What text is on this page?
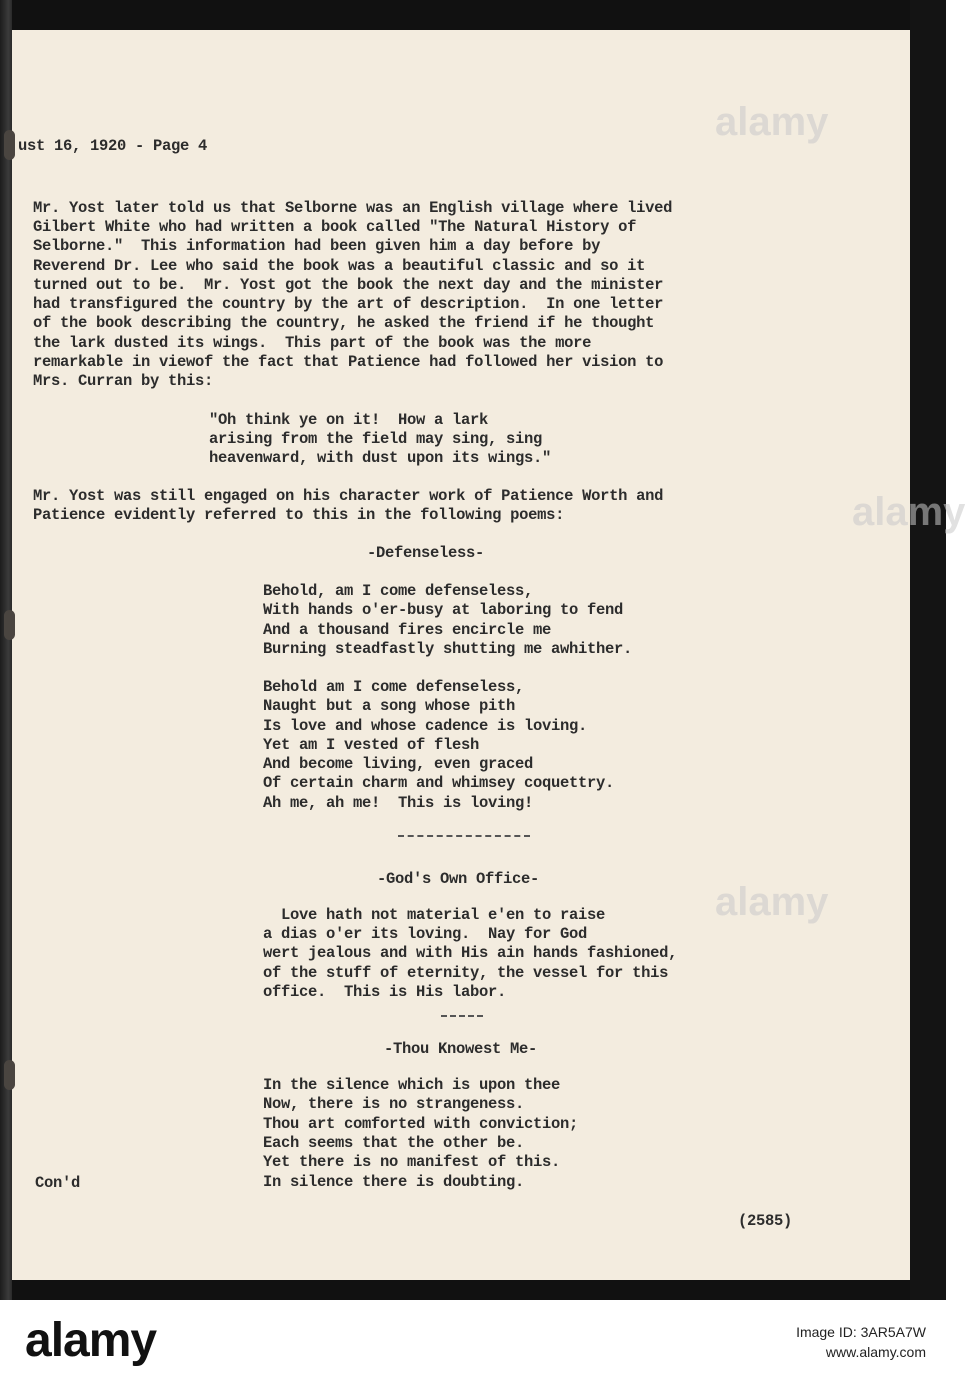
ust 16, 1920 - Page 4
Mr. Yost later told us that Selborne was an English village where lived
Gilbert White who had written a book called "The Natural History of
Selborne."  This information had been given him a day before by
Reverend Dr. Lee who said the book was a beautiful classic and so it
turned out to be.  Mr. Yost got the book the next day and the minister
had transfigured the country by the art of description.  In one letter
of the book describing the country, he asked the friend if he thought
the lark dusted its wings.  This part of the book was the more
remarkable in viewof the fact that Patience had followed her vision to
Mrs. Curran by this:
"Oh think ye on it!  How a lark
arising from the field may sing, sing
heavenward, with dust upon its wings."
Mr. Yost was still engaged on his character work of Patience Worth and
Patience evidently referred to this in the following poems:
-Defenseless-
Behold, am I come defenseless,
With hands o'er-busy at laboring to fend
And a thousand fires encircle me
Burning steadfastly shutting me awhither.
Behold am I come defenseless,
Naught but a song whose pith
Is love and whose cadence is loving.
Yet am I vested of flesh
And become living, even graced
Of certain charm and whimsey coquettry.
Ah me, ah me!  This is loving!
-God's Own Office-
Love hath not material e'en to raise
a dias o'er its loving.  Nay for God
wert jealous and with His ain hands fashioned,
of the stuff of eternity, the vessel for this
office.  This is His labor.
-Thou Knowest Me-
In the silence which is upon thee
Now, there is no strangeness.
Thou art comforted with conviction;
Each seems that the other be.
Yet there is no manifest of this.
In silence there is doubting.
Con'd
(2585)
alamy
alamy
alamy
alamy	Image ID: 3AR5A7W
www.alamy.com
